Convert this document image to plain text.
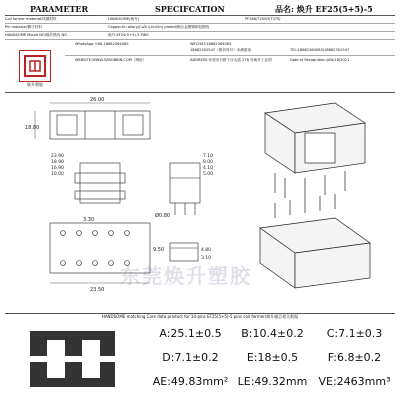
PARAMETER	SPECIFCATION	品名: 焕升 EF25(5+5)-5
Coil former material/线圈材料	HANDSOME(焕升)	PF268/T200H/T375J
Pin material/脚子材料	Copper-tin allory(Cu5n),tin(Sn) plated/铜合金镀锡铜包钢线
HANDSOME Mould NO/焕升模具 NO	焕升-EF25(5+5)-5 PINS
焕升塑胶
WhatsApp:+86-18682364083	WECHAT:18682364083
18682352547（微信同号）未满需加	TEL:18682364083/18682352547
WEBSITE:WWW.SZBOBBIN.COM（网址）	ADDRESS:东莞市石排下沙大道 276 号焕升工业园	Date of Recognition:JUN/18/2021
26.00
18.80
23.90
18.90
16.90
10.00
7.10
8.00
4.10
5.00
Ø0.80
3.30
23.50
9.50	4.80
3.10
东莞焕升塑胶
HANDSOME matching Core data product for 10-pins EF25(5+5)-5 pins coil former/焕升磁芯相关数据
A:25.1±0.5	B:10.4±0.2	C:7.1±0.3
D:7.1±0.2	E:18±0.5	F:6.8±0.2
AE:49.83mm² LE:49.32mm	VE:2463mm³
